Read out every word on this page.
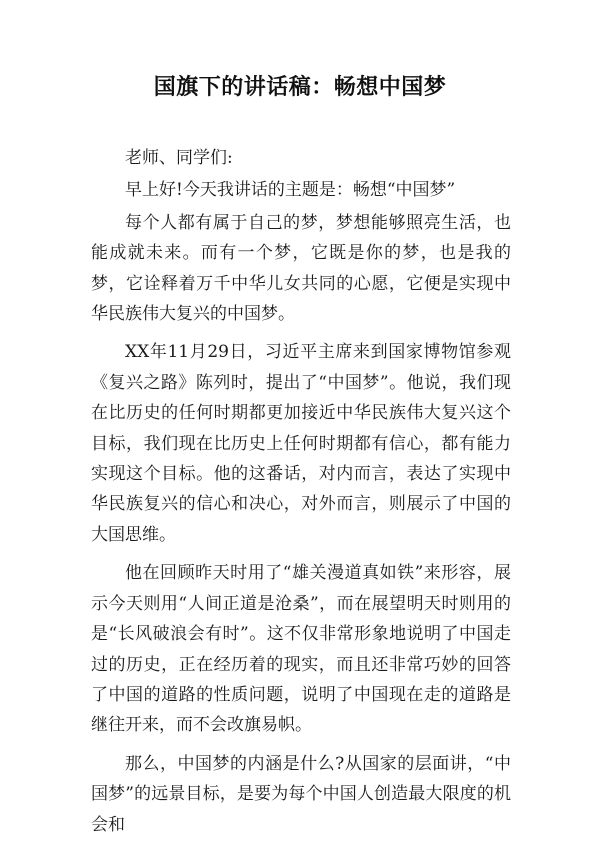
国旗下的讲话稿：畅想中国梦

老师、同学们:

早上好!今天我讲话的主题是：畅想“中国梦”

每个人都有属于自己的梦，梦想能够照亮生活，也能成就未来。而有一个梦，它既是你的梦，也是我的梦，它诠释着万千中华儿女共同的心愿，它便是实现中华民族伟大复兴的中国梦。

XX年11月29日，习近平主席来到国家博物馆参观《复兴之路》陈列时，提出了“中国梦”。他说，我们现在比历史的任何时期都更加接近中华民族伟大复兴这个目标，我们现在比历史上任何时期都有信心，都有能力实现这个目标。他的这番话，对内而言，表达了实现中华民族复兴的信心和决心，对外而言，则展示了中国的大国思维。

他在回顾昨天时用了“雄关漫道真如铁”来形容，展示今天则用“人间正道是沧桑”，而在展望明天时则用的是“长风破浪会有时”。这不仅非常形象地说明了中国走过的历史，正在经历着的现实，而且还非常巧妙的回答了中国的道路的性质问题，说明了中国现在走的道路是继往开来，而不会改旗易帜。

那么，中国梦的内涵是什么?从国家的层面讲，“中国梦”的远景目标，是要为每个中国人创造最大限度的机会和
